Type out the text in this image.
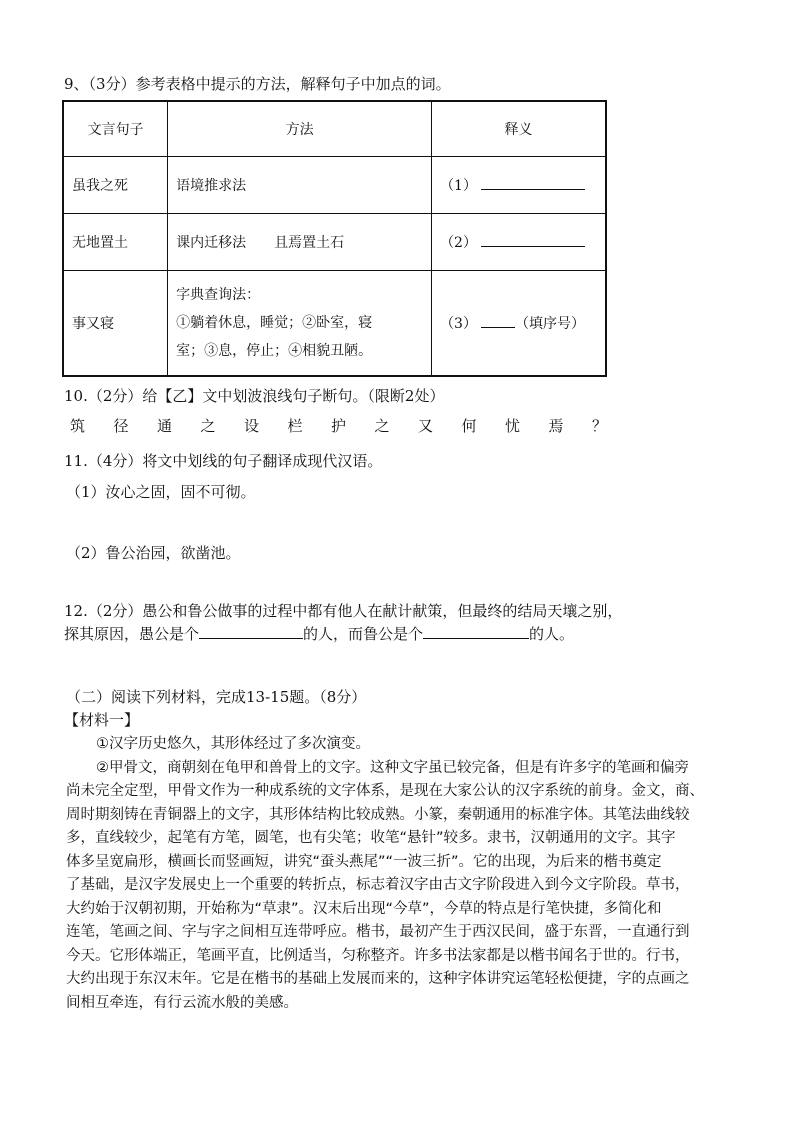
9、（3分）参考表格中提示的方法，解释句子中加点的词。
文言句子	方法	释义
虽我之死	语境推求法	（1）
无地置土	课内迁移法　　且焉置土石	（2）
事又寝	字典查询法：
①躺着休息，睡觉；②卧室，寝
室；③息，停止；④相貌丑陋。	（3） （填序号）
10.（2分）给【乙】文中划波浪线句子断句。（限断2处）
筑 径 通 之 设 栏 护 之 又 何 忧 焉 ？
11.（4分）将文中划线的句子翻译成现代汉语。
（1）汝心之固，固不可彻。
（2）鲁公治园，欲凿池。
12.（2分）愚公和鲁公做事的过程中都有他人在献计献策，但最终的结局天壤之别，
探其原因，愚公是个	的人，而鲁公是个	的人。
（二）阅读下列材料，完成13-15题。（8分）
【材料一】
①汉字历史悠久，其形体经过了多次演变。
②甲骨文，商朝刻在龟甲和兽骨上的文字。这种文字虽已较完备，但是有许多字的笔画和偏旁
尚未完全定型，甲骨文作为一种成系统的文字体系，是现在大家公认的汉字系统的前身。金文，商、
周时期刻铸在青铜器上的文字，其形体结构比较成熟。小篆，秦朝通用的标准字体。其笔法曲线较
多，直线较少，起笔有方笔，圆笔，也有尖笔；收笔“悬针”较多。隶书，汉朝通用的文字。其字
体多呈宽扁形，横画长而竖画短，讲究“蚕头燕尾”“一波三折”。它的出现，为后来的楷书奠定
了基础，是汉字发展史上一个重要的转折点，标志着汉字由古文字阶段进入到今文字阶段。草书，
大约始于汉朝初期，开始称为“草隶”。汉末后出现“今草”，今草的特点是行笔快捷，多简化和
连笔，笔画之间、字与字之间相互连带呼应。楷书，最初产生于西汉民间，盛于东晋，一直通行到
今天。它形体端正，笔画平直，比例适当，匀称整齐。许多书法家都是以楷书闻名于世的。行书，
大约出现于东汉末年。它是在楷书的基础上发展而来的，这种字体讲究运笔轻松便捷，字的点画之
间相互牵连，有行云流水般的美感。
